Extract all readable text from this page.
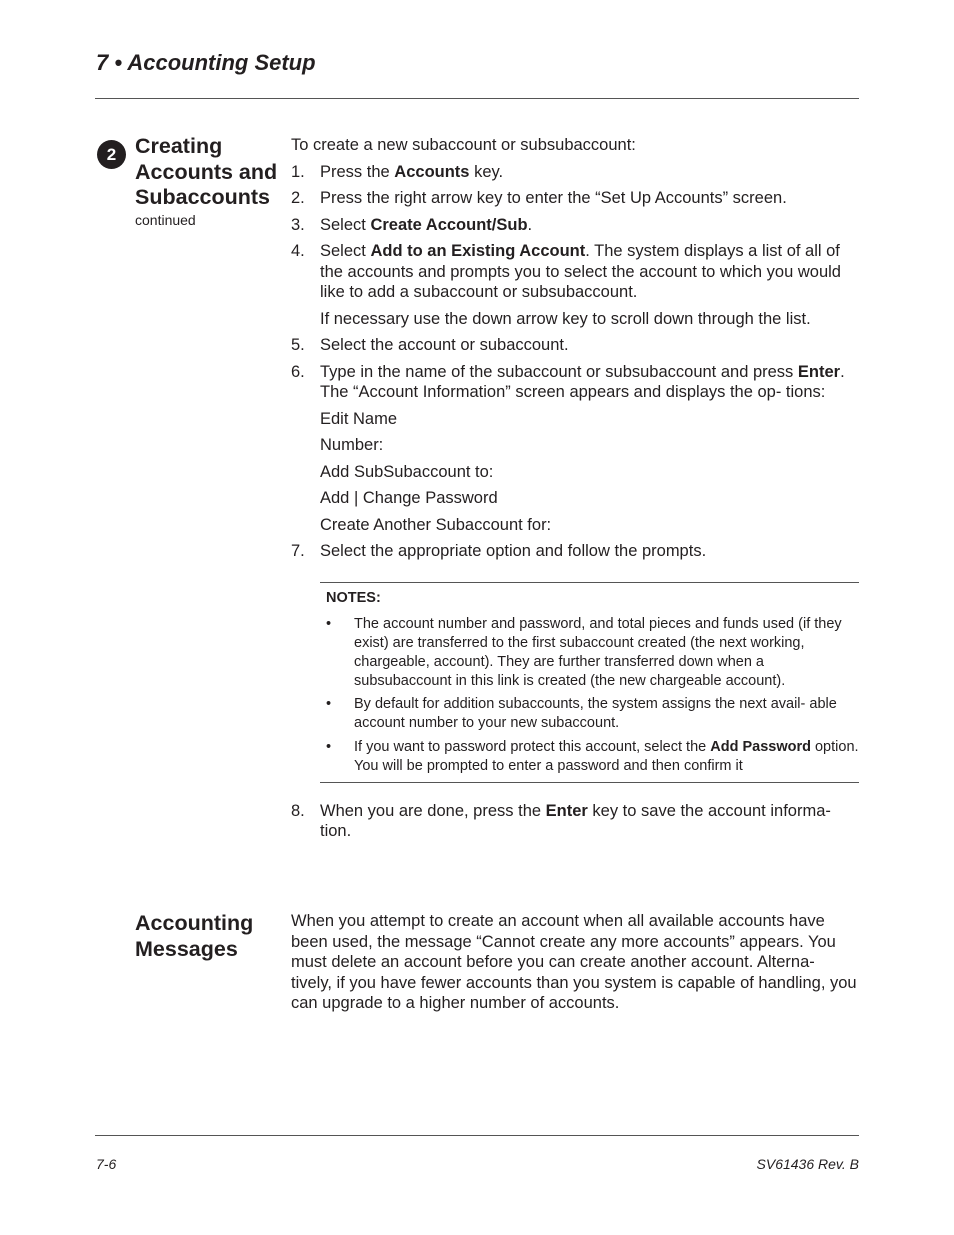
7 • Accounting Setup
2 Creating Accounts and Subaccounts
continued

To create a new subaccount or subsubaccount:

1. Press the Accounts key.
2. Press the right arrow key to enter the “Set Up Accounts” screen.
3. Select Create Account/Sub.
4. Select Add to an Existing Account. The system displays a list of all of the accounts and prompts you to select the account to which you would like to add a subaccount or subsubaccount.

If necessary use the down arrow key to scroll down through the list.

5. Select the account or subaccount.
6. Type in the name of the subaccount or subsubaccount and press Enter. The “Account Information” screen appears and displays the op- tions:

Edit Name

Number:

Add SubSubaccount to:

Add | Change Password

Create Another Subaccount for:

7. Select the appropriate option and follow the prompts.

NOTES:

•	The account number and password, and total pieces and funds used (if they exist) are transferred to the first subaccount created (the next working, chargeable, account). They are further transferred down when a subsubaccount in this link is created (the new chargeable account).
•	By default for addition subaccounts, the system assigns the next avail- able account number to your new subaccount.
•	If you want to password protect this account, select the Add Password option. You will be prompted to enter a password and then confirm it
8. When you are done, press the Enter key to save the account informa- tion.
Accounting Messages

When you attempt to create an account when all available accounts have been used, the message “Cannot create any more accounts” appears. You must delete an account before you can create another account. Alterna- tively, if you have fewer accounts than you system is capable of handling, you can upgrade to a higher number of accounts.

7-6	SV61436 Rev. B
